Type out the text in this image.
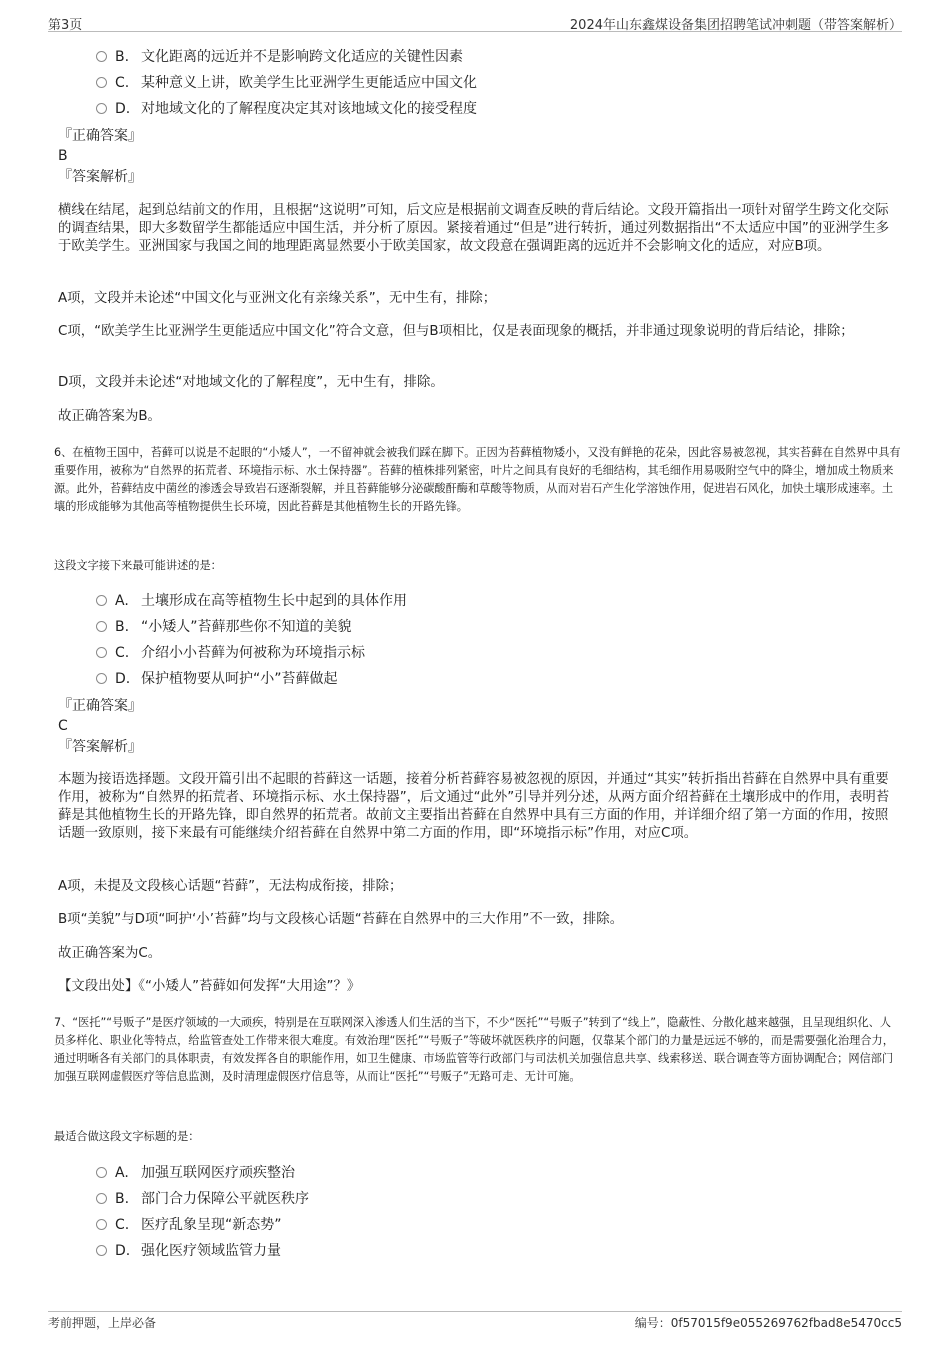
第3页	2024年山东鑫煤设备集团招聘笔试冲刺题（带答案解析）
B. 文化距离的远近并不是影响跨文化适应的关键性因素
C. 某种意义上讲，欧美学生比亚洲学生更能适应中国文化
D. 对地域文化的了解程度决定其对该地域文化的接受程度
『正确答案』
B
『答案解析』
横线在结尾，起到总结前文的作用，且根据“这说明”可知，后文应是根据前文调查反映的背后结论。文段开篇指出一项针对留学生跨文化交际的调查结果，即大多数留学生都能适应中国生活，并分析了原因。紧接着通过“但是”进行转折，通过列数据指出“不太适应中国”的亚洲学生多于欧美学生。亚洲国家与我国之间的地理距离显然要小于欧美国家，故文段意在强调距离的远近并不会影响文化的适应，对应B项。
A项，文段并未论述“中国文化与亚洲文化有亲缘关系”，无中生有，排除；
C项，“欧美学生比亚洲学生更能适应中国文化”符合文意，但与B项相比，仅是表面现象的概括，并非通过现象说明的背后结论，排除；
D项，文段并未论述“对地域文化的了解程度”，无中生有，排除。
故正确答案为B。
6、在植物王国中，苔藓可以说是不起眼的“小矮人”，一不留神就会被我们踩在脚下。正因为苔藓植物矮小，又没有鲜艳的花朵，因此容易被忽视，其实苔藓在自然界中具有重要作用，被称为“自然界的拓荒者、环境指示标、水土保持器”。苔藓的植株排列紧密，叶片之间具有良好的毛细结构，其毛细作用易吸附空气中的降尘，增加成土物质来源。此外，苔藓结皮中菌丝的渗透会导致岩石逐渐裂解，并且苔藓能够分泌碳酸酐酶和草酸等物质，从而对岩石产生化学溶蚀作用，促进岩石风化，加快土壤形成速率。土壤的形成能够为其他高等植物提供生长环境，因此苔藓是其他植物生长的开路先锋。
这段文字接下来最可能讲述的是：
A. 土壤形成在高等植物生长中起到的具体作用
B. “小矮人”苔藓那些你不知道的美貌
C. 介绍小小苔藓为何被称为环境指示标
D. 保护植物要从呵护“小”苔藓做起
『正确答案』
C
『答案解析』
本题为接语选择题。文段开篇引出不起眼的苔藓这一话题，接着分析苔藓容易被忽视的原因，并通过“其实”转折指出苔藓在自然界中具有重要作用，被称为“自然界的拓荒者、环境指示标、水土保持器”，后文通过“此外”引导并列分述，从两方面介绍苔藓在土壤形成中的作用，表明苔藓是其他植物生长的开路先锋，即自然界的拓荒者。故前文主要指出苔藓在自然界中具有三方面的作用，并详细介绍了第一方面的作用，按照话题一致原则，接下来最有可能继续介绍苔藓在自然界中第二方面的作用，即“环境指示标”作用，对应C项。
A项，未提及文段核心话题“苔藓”，无法构成衔接，排除；
B项“美貌”与D项“呵护‘小’苔藓”均与文段核心话题“苔藓在自然界中的三大作用”不一致，排除。
故正确答案为C。
【文段出处】《“小矮人”苔藓如何发挥“大用途”？》
7、“医托”“号贩子”是医疗领域的一大顽疾，特别是在互联网深入渗透人们生活的当下，不少“医托”“号贩子”转到了“线上”，隐蔽性、分散化越来越强，且呈现组织化、人员多样化、职业化等特点，给监管查处工作带来很大难度。有效治理“医托”“号贩子”等破坏就医秩序的问题，仅靠某个部门的力量是远远不够的，而是需要强化治理合力，通过明晰各有关部门的具体职责，有效发挥各自的职能作用，如卫生健康、市场监管等行政部门与司法机关加强信息共享、线索移送、联合调查等方面协调配合；网信部门加强互联网虚假医疗等信息监测，及时清理虚假医疗信息等，从而让“医托”“号贩子”无路可走、无计可施。
最适合做这段文字标题的是：
A. 加强互联网医疗顽疾整治
B. 部门合力保障公平就医秩序
C. 医疗乱象呈现“新态势”
D. 强化医疗领域监管力量
考前押题，上岸必备	编号：0f57015f9e055269762fbad8e5470cc5
